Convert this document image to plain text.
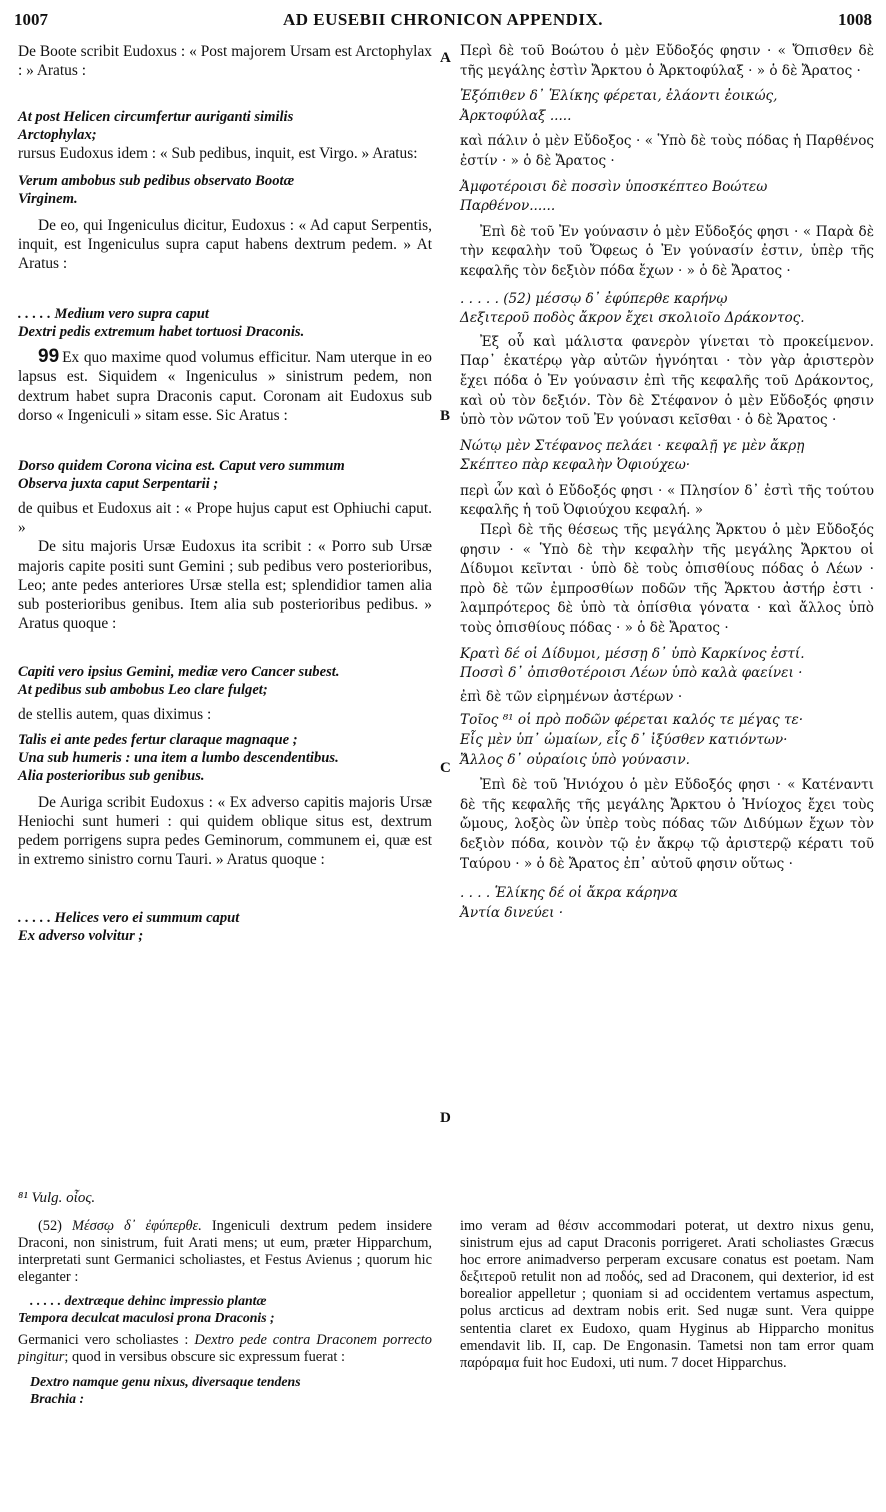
1007	AD EUSEBII CHRONICON APPENDIX.	1008
A
B
C
D

De Boote scribit Eudoxus : « Post majorem Ursam est Arctophylax : » Aratus :

At post Helicen circumfertur auriganti similis

Arctophylax;

rursus Eudoxus idem : « Sub pedibus, inquit, est Virgo. » Aratus:

Verum ambobus sub pedibus observato Bootæ

Virginem.

De eo, qui Ingeniculus dicitur, Eudoxus : « Ad caput Serpentis, inquit, est Ingeniculus supra caput habens dextrum pedem. » At Aratus :

. . . . . Medium vero supra caput

Dextri pedis extremum habet tortuosi Draconis.

99 Ex quo maxime quod volumus efficitur. Nam uterque in eo lapsus est. Siquidem « Ingeniculus » sinistrum pedem, non dextrum habet supra Draconis caput. Coronam ait Eudoxus sub dorso « Ingeniculi » sitam esse. Sic Aratus :

Dorso quidem Corona vicina est. Caput vero summum

Observa juxta caput Serpentarii ;

de quibus et Eudoxus ait : « Prope hujus caput est Ophiuchi caput. »

De situ majoris Ursæ Eudoxus ita scribit : « Porro sub Ursæ majoris capite positi sunt Gemini ; sub pedibus vero posterioribus, Leo; ante pedes anteriores Ursæ stella est; splendidior tamen alia sub posterioribus genibus. Item alia sub posterioribus pedibus. » Aratus quoque :

Capiti vero ipsius Gemini, mediæ vero Cancer subest.

At pedibus sub ambobus Leo clare fulget;

de stellis autem, quas diximus :

Talis ei ante pedes fertur claraque magnaque ;

Una sub humeris : una item a lumbo descendentibus.

Alia posterioribus sub genibus.

De Auriga scribit Eudoxus : « Ex adverso capitis majoris Ursæ Heniochi sunt humeri : qui quidem oblique situs est, dextrum pedem porrigens supra pedes Geminorum, communem ei, quæ est in extremo sinistro cornu Tauri. » Aratus quoque :

. . . . . Helices vero ei summum caput

Ex adverso volvitur ;

Περὶ δὲ τοῦ Βοώτου ὁ μὲν Εὔδοξός φησιν · « Ὄπισθεν δὲ τῆς μεγάλης ἐστὶν Ἄρκτου ὁ Ἀρκτοφύλαξ · » ὁ δὲ Ἄρατος ·

Ἐξόπιθεν δ᾽ Ἑλίκης φέρεται, ἐλάοντι ἐοικώς,

Ἀρκτοφύλαξ .....

καὶ πάλιν ὁ μὲν Εὔδοξος · « Ὑπὸ δὲ τοὺς πόδας ἡ Παρθένος ἐστίν · » ὁ δὲ Ἄρατος ·

Ἀμφοτέροισι δὲ ποσσὶν ὑποσκέπτεο Βοώτεω

Παρθένον......

Ἐπὶ δὲ τοῦ Ἐν γούνασιν ὁ μὲν Εὔδοξός φησι · « Παρὰ δὲ τὴν κεφαλὴν τοῦ Ὄφεως ὁ Ἐν γούνασίν ἐστιν, ὑπὲρ τῆς κεφαλῆς τὸν δεξιὸν πόδα ἔχων · » ὁ δὲ Ἄρατος ·

. . . . . (52) μέσσῳ δ᾽ ἐφύπερθε καρήνῳ

Δεξιτεροῦ ποδὸς ἄκρον ἔχει σκολιοῖο Δράκοντος.

Ἐξ οὗ καὶ μάλιστα φανερὸν γίνεται τὸ προκείμενον. Παρ᾽ ἑκατέρῳ γὰρ αὐτῶν ἠγνόηται · τὸν γὰρ ἀριστερὸν ἔχει πόδα ὁ Ἐν γούνασιν ἐπὶ τῆς κεφαλῆς τοῦ Δράκοντος, καὶ οὐ τὸν δεξιόν. Τὸν δὲ Στέφανον ὁ μὲν Εὔδοξός φησιν ὑπὸ τὸν νῶτον τοῦ Ἐν γούνασι κεῖσθαι · ὁ δὲ Ἄρατος ·

Νώτῳ μὲν Στέφανος πελάει · κεφαλῇ γε μὲν ἄκρῃ

Σκέπτεο πὰρ κεφαλὴν Ὀφιούχεω·

περὶ ὧν καὶ ὁ Εὔδοξός φησι · « Πλησίον δ᾽ ἐστὶ τῆς τούτου κεφαλῆς ἡ τοῦ Ὀφιούχου κεφαλή. »

Περὶ δὲ τῆς θέσεως τῆς μεγάλης Ἄρκτου ὁ μὲν Εὔδοξός φησιν · « Ὑπὸ δὲ τὴν κεφαλὴν τῆς μεγάλης Ἄρκτου οἱ Δίδυμοι κεῖνται · ὑπὸ δὲ τοὺς ὀπισθίους πόδας ὁ Λέων · πρὸ δὲ τῶν ἐμπροσθίων ποδῶν τῆς Ἄρκτου ἀστήρ ἐστι · λαμπρότερος δὲ ὑπὸ τὰ ὀπίσθια γόνατα · καὶ ἄλλος ὑπὸ τοὺς ὀπισθίους πόδας · » ὁ δὲ Ἄρατος ·

Κρατὶ δέ οἱ Δίδυμοι, μέσσῃ δ᾽ ὑπὸ Καρκίνος ἐστί.

Ποσσὶ δ᾽ ὀπισθοτέροισι Λέων ὑπὸ καλὰ φαείνει ·

ἐπὶ δὲ τῶν εἰρημένων ἀστέρων ·

Τοῖος ⁸¹ οἱ πρὸ ποδῶν φέρεται καλός τε μέγας τε·

Εἷς μὲν ὑπ᾽ ὠμαίων, εἷς δ᾽ ἰξύσθεν κατιόντων·

Ἄλλος δ᾽ οὐραίοις ὑπὸ γούνασιν.

Ἐπὶ δὲ τοῦ Ἡνιόχου ὁ μὲν Εὔδοξός φησι · « Κατέναντι δὲ τῆς κεφαλῆς τῆς μεγάλης Ἄρκτου ὁ Ἡνίοχος ἔχει τοὺς ὤμους, λοξὸς ὢν ὑπὲρ τοὺς πόδας τῶν Διδύμων ἔχων τὸν δεξιὸν πόδα, κοινὸν τῷ ἐν ἄκρῳ τῷ ἀριστερῷ κέρατι τοῦ Ταύρου · » ὁ δὲ Ἄρατος ἐπ᾽ αὐτοῦ φησιν οὕτως ·

. . . . Ἑλίκης δέ οἱ ἄκρα κάρηνα

Ἀντία δινεύει ·

⁸¹ Vulg. οἷος.

(52) Μέσσῳ δ᾽ ἐφύπερθε. Ingeniculi dextrum pedem insidere Draconi, non sinistrum, fuit Arati mens; ut eum, præter Hipparchum, interpretati sunt Germanici scholiastes, et Festus Avienus ; quorum hic eleganter :

. . . . . dextræque dehinc impressio plantæ

Tempora deculcat maculosi prona Draconis ;

Germanici vero scholiastes : Dextro pede contra Draconem porrecto pingitur; quod in versibus obscure sic expressum fuerat :

Dextro namque genu nixus, diversaque tendens

Brachia :

imo veram ad θέσιν accommodari poterat, ut dextro nixus genu, sinistrum ejus ad caput Draconis porrigeret. Arati scholiastes Græcus hoc errore animadverso perperam excusare conatus est poetam. Nam δεξιτεροῦ retulit non ad ποδός, sed ad Draconem, qui dexterior, id est borealior appelletur ; quoniam si ad occidentem vertamus aspectum, polus arcticus ad dextram nobis erit. Sed nugæ sunt. Vera quippe sententia claret ex Eudoxo, quam Hyginus ab Hipparcho monitus emendavit lib. II, cap. De Engonasin. Tametsi non tam error quam παρόραμα fuit hoc Eudoxi, uti num. 7 docet Hipparchus.
